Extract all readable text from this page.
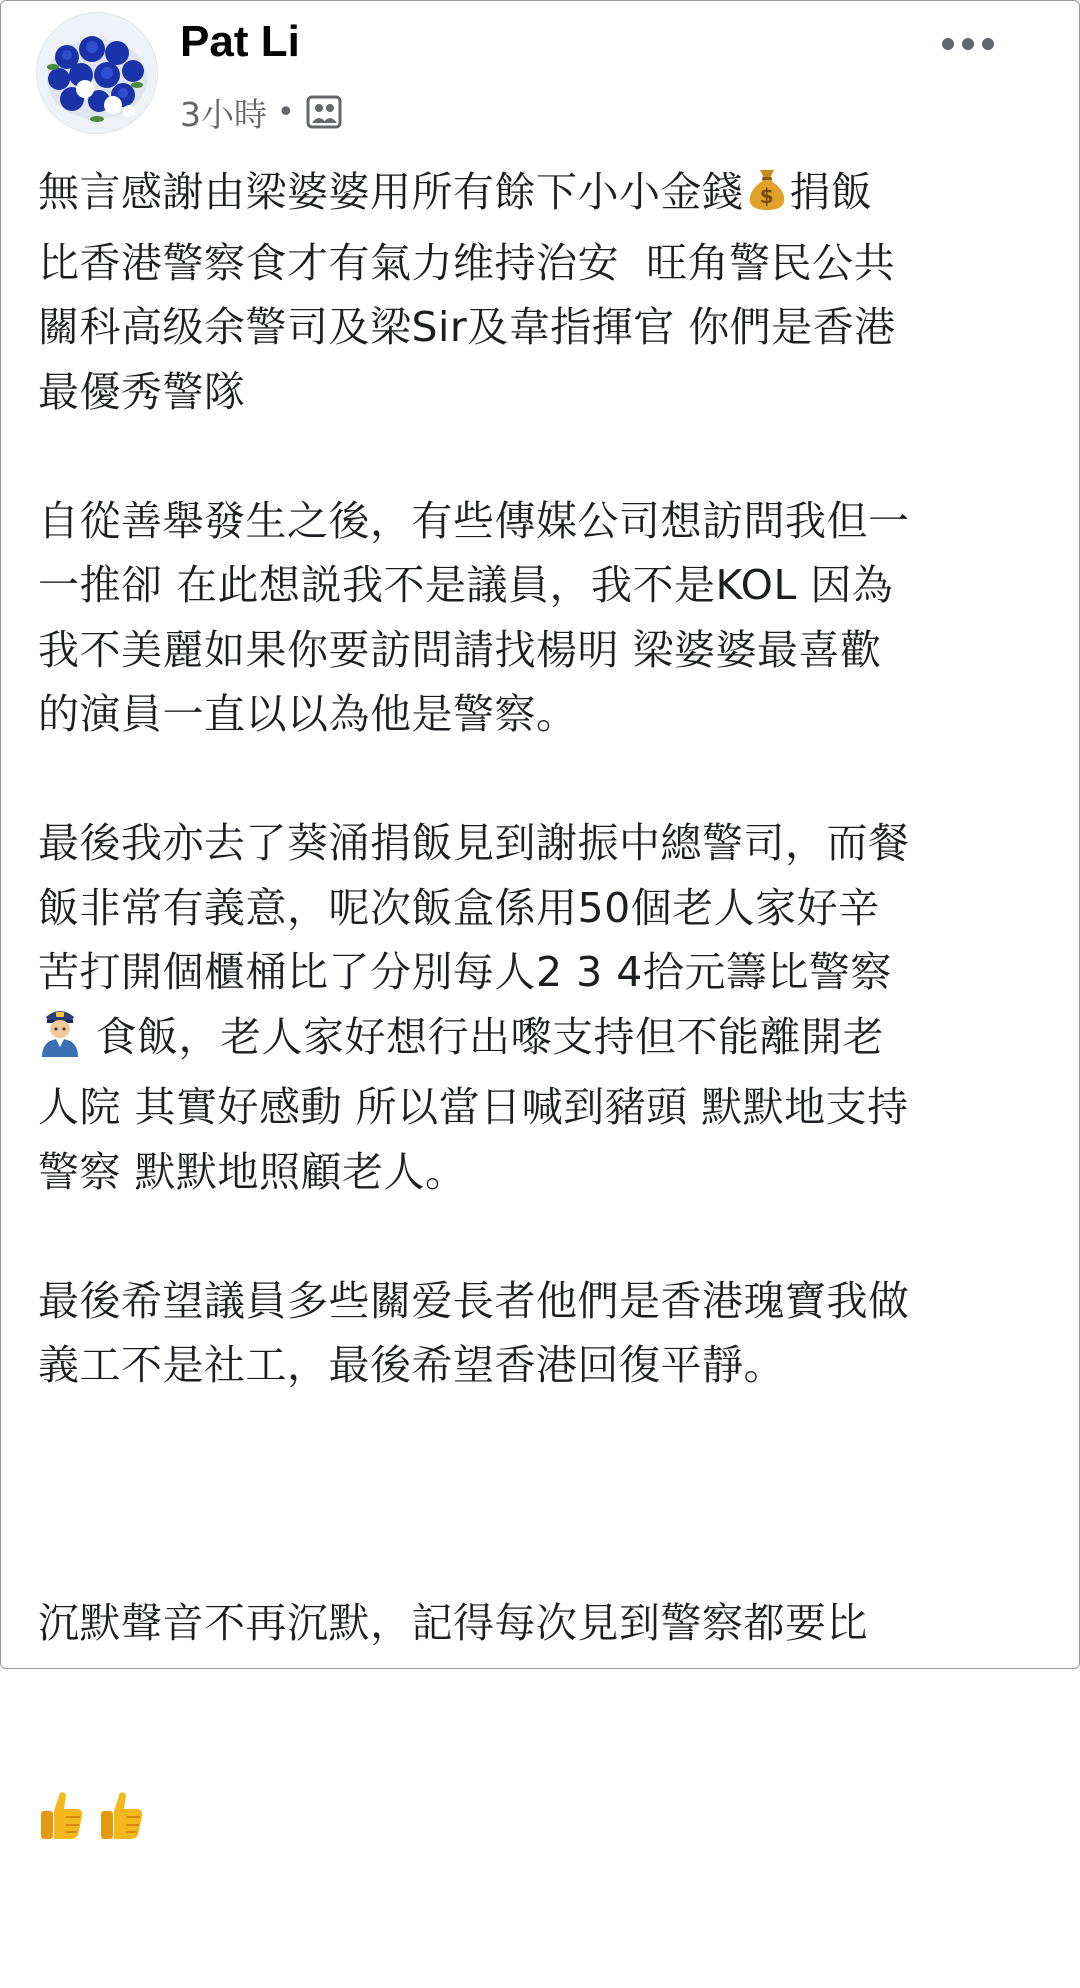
Pat Li
3小時 •

無言感謝由梁婆婆用所有餘下小小金錢 $ 捐飯
比香港警察食才有氣力维持治安  旺角警民公共
關科高级余警司及梁Sir及韋指揮官 你們是香港
最優秀警隊

自從善舉發生之後，有些傳媒公司想訪問我但一
一推卻 在此想説我不是議員，我不是KOL 因為
我不美麗如果你要訪問請找楊明 梁婆婆最喜歡
的演員一直以以為他是警察。

最後我亦去了葵涌捐飯見到謝振中總警司，而餐
飯非常有義意，呢次飯盒係用50個老人家好辛
苦打開個櫃桶比了分別每人2 3 4拾元籌比警察
食飯，老人家好想行出嚟支持但不能離開老
人院 其實好感動 所以當日喊到豬頭 默默地支持
警察 默默地照顧老人。

最後希望議員多些關爱長者他們是香港瑰寶我做
義工不是社工，最後希望香港回復平靜。

沉默聲音不再沉默，記得每次見到警察都要比
